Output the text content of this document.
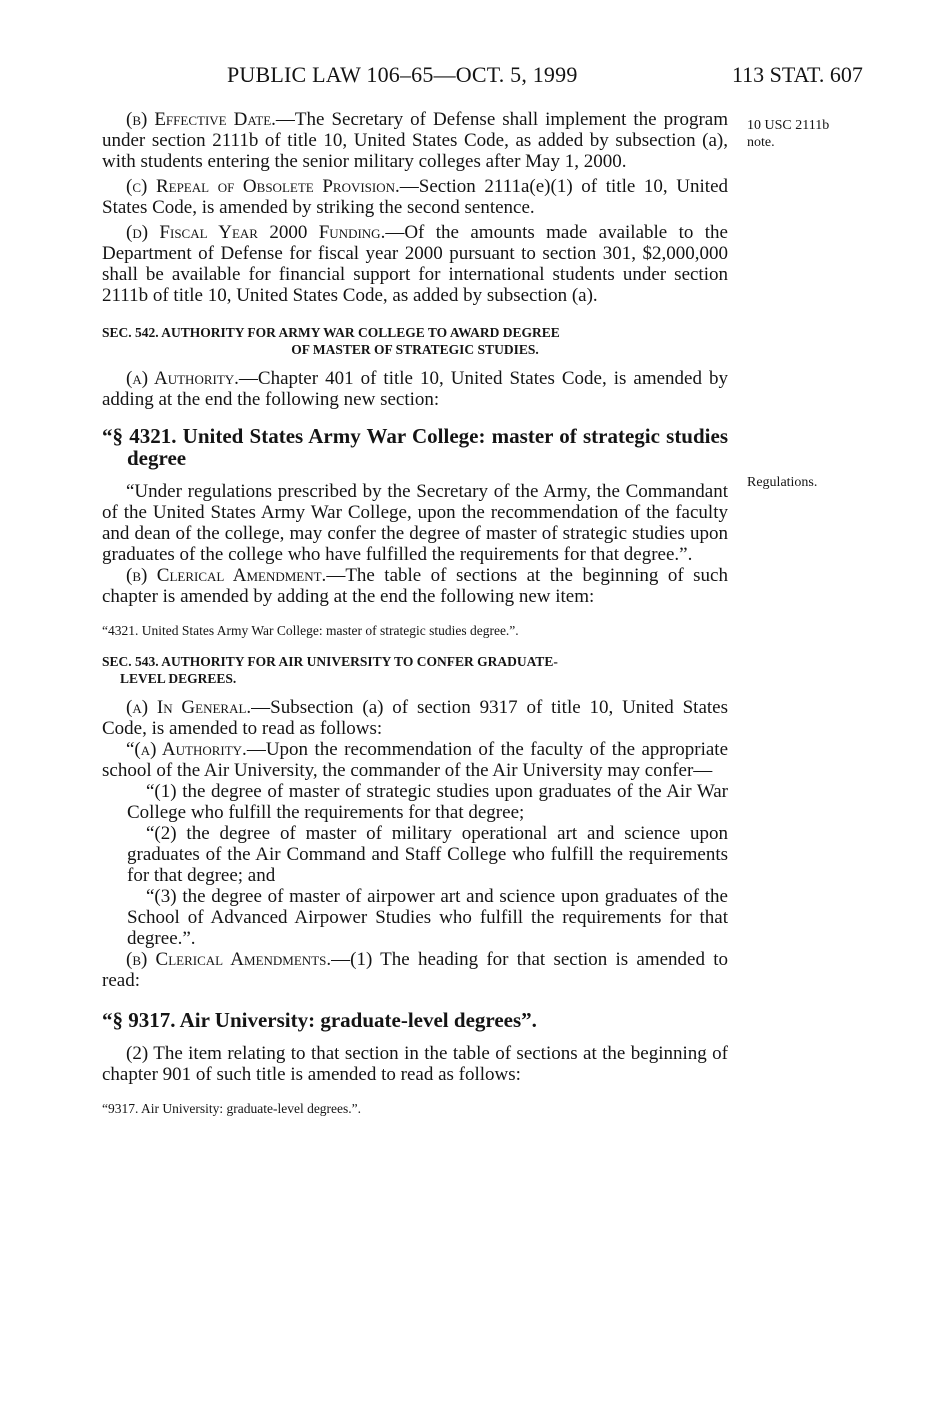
PUBLIC LAW 106–65—OCT. 5, 1999	113 STAT. 607
10 USC 2111b
note.
Regulations.

(b) Effective Date.—The Secretary of Defense shall implement the program under section 2111b of title 10, United States Code, as added by subsection (a), with students entering the senior military colleges after May 1, 2000.

(c) Repeal of Obsolete Provision.—Section 2111a(e)(1) of title 10, United States Code, is amended by striking the second sentence.

(d) Fiscal Year 2000 Funding.—Of the amounts made available to the Department of Defense for fiscal year 2000 pursuant to section 301, $2,000,000 shall be available for financial support for international students under section 2111b of title 10, United States Code, as added by subsection (a).

SEC. 542. AUTHORITY FOR ARMY WAR COLLEGE TO AWARD DEGREE
OF MASTER OF STRATEGIC STUDIES.

(a) Authority.—Chapter 401 of title 10, United States Code, is amended by adding at the end the following new section:

“§ 4321. United States Army War College: master of strategic studies degree

“Under regulations prescribed by the Secretary of the Army, the Commandant of the United States Army War College, upon the recommendation of the faculty and dean of the college, may confer the degree of master of strategic studies upon graduates of the college who have fulfilled the requirements for that degree.”.

(b) Clerical Amendment.—The table of sections at the beginning of such chapter is amended by adding at the end the following new item:

“4321. United States Army War College: master of strategic studies degree.”.

SEC. 543. AUTHORITY FOR AIR UNIVERSITY TO CONFER GRADUATE-
LEVEL DEGREES.

(a) In General.—Subsection (a) of section 9317 of title 10, United States Code, is amended to read as follows:

“(a) Authority.—Upon the recommendation of the faculty of the appropriate school of the Air University, the commander of the Air University may confer—

“(1) the degree of master of strategic studies upon graduates of the Air War College who fulfill the requirements for that degree;

“(2) the degree of master of military operational art and science upon graduates of the Air Command and Staff College who fulfill the requirements for that degree; and

“(3) the degree of master of airpower art and science upon graduates of the School of Advanced Airpower Studies who fulfill the requirements for that degree.”.

(b) Clerical Amendments.—(1) The heading for that section is amended to read:

“§ 9317. Air University: graduate-level degrees”.

(2) The item relating to that section in the table of sections at the beginning of chapter 901 of such title is amended to read as follows:

“9317. Air University: graduate-level degrees.”.
